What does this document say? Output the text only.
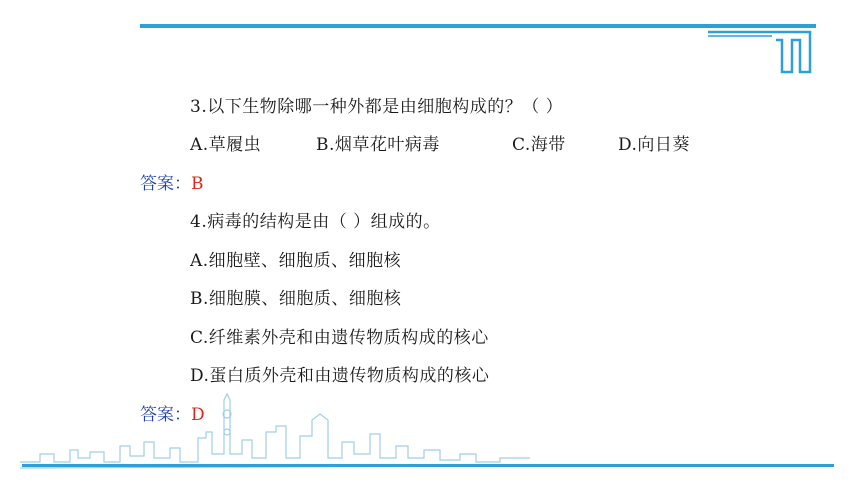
3.以下生物除哪一种外都是由细胞构成的？（ ）
A.草履虫	B.烟草花叶病毒	C.海带	D.向日葵
答案：B
4.病毒的结构是由（ ）组成的。
A.细胞壁、细胞质、细胞核
B.细胞膜、细胞质、细胞核
C.纤维素外壳和由遗传物质构成的核心
D.蛋白质外壳和由遗传物质构成的核心
答案：D
